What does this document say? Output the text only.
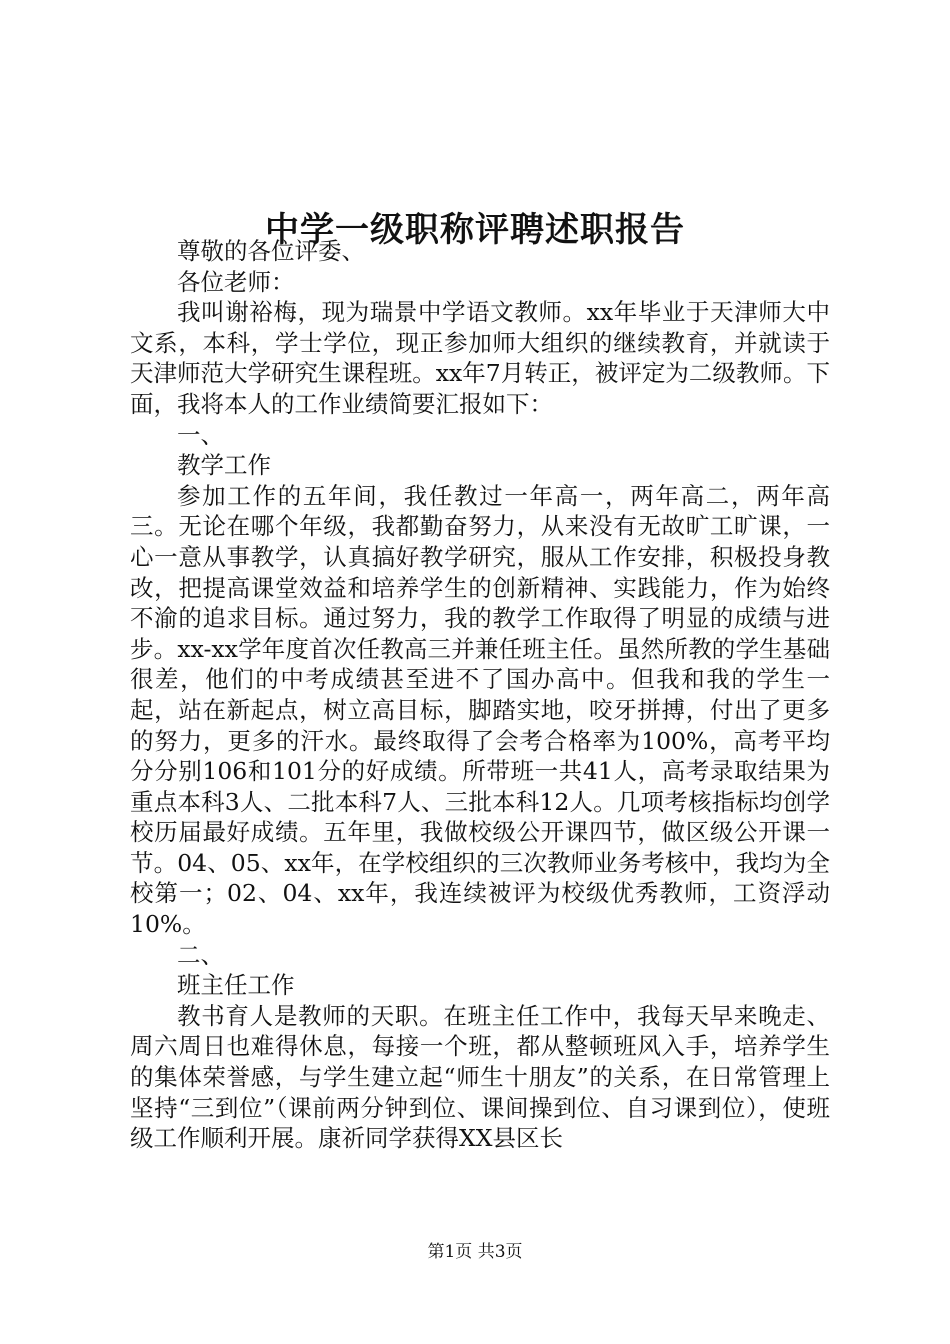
中学一级职称评聘述职报告

尊敬的各位评委、

各位老师：

我叫谢裕梅，现为瑞景中学语文教师。xx年毕业于天津师大中文系，本科，学士学位，现正参加师大组织的继续教育，并就读于天津师范大学研究生课程班。xx年7月转正，被评定为二级教师。下面，我将本人的工作业绩简要汇报如下：

一、

教学工作

参加工作的五年间，我任教过一年高一，两年高二，两年高三。无论在哪个年级，我都勤奋努力，从来没有无故旷工旷课，一心一意从事教学，认真搞好教学研究，服从工作安排，积极投身教改，把提高课堂效益和培养学生的创新精神、实践能力，作为始终不渝的追求目标。通过努力，我的教学工作取得了明显的成绩与进步。xx-xx学年度首次任教高三并兼任班主任。虽然所教的学生基础很差，他们的中考成绩甚至进不了国办高中。但我和我的学生一起，站在新起点，树立高目标，脚踏实地，咬牙拼搏，付出了更多的努力，更多的汗水。最终取得了会考合格率为100%，高考平均分分别106和101分的好成绩。所带班一共41人，高考录取结果为重点本科3人、二批本科7人、三批本科12人。几项考核指标均创学校历届最好成绩。五年里，我做校级公开课四节，做区级公开课一节。04、05、xx年，在学校组织的三次教师业务考核中，我均为全校第一；02、04、xx年，我连续被评为校级优秀教师，工资浮动10%。

二、

班主任工作

教书育人是教师的天职。在班主任工作中，我每天早来晚走、周六周日也难得休息，每接一个班，都从整顿班风入手，培养学生的集体荣誉感，与学生建立起“师生十朋友”的关系，在日常管理上坚持“三到位”（课前两分钟到位、课间操到位、自习课到位），使班级工作顺利开展。康祈同学获得XX县区长

第1页 共3页
